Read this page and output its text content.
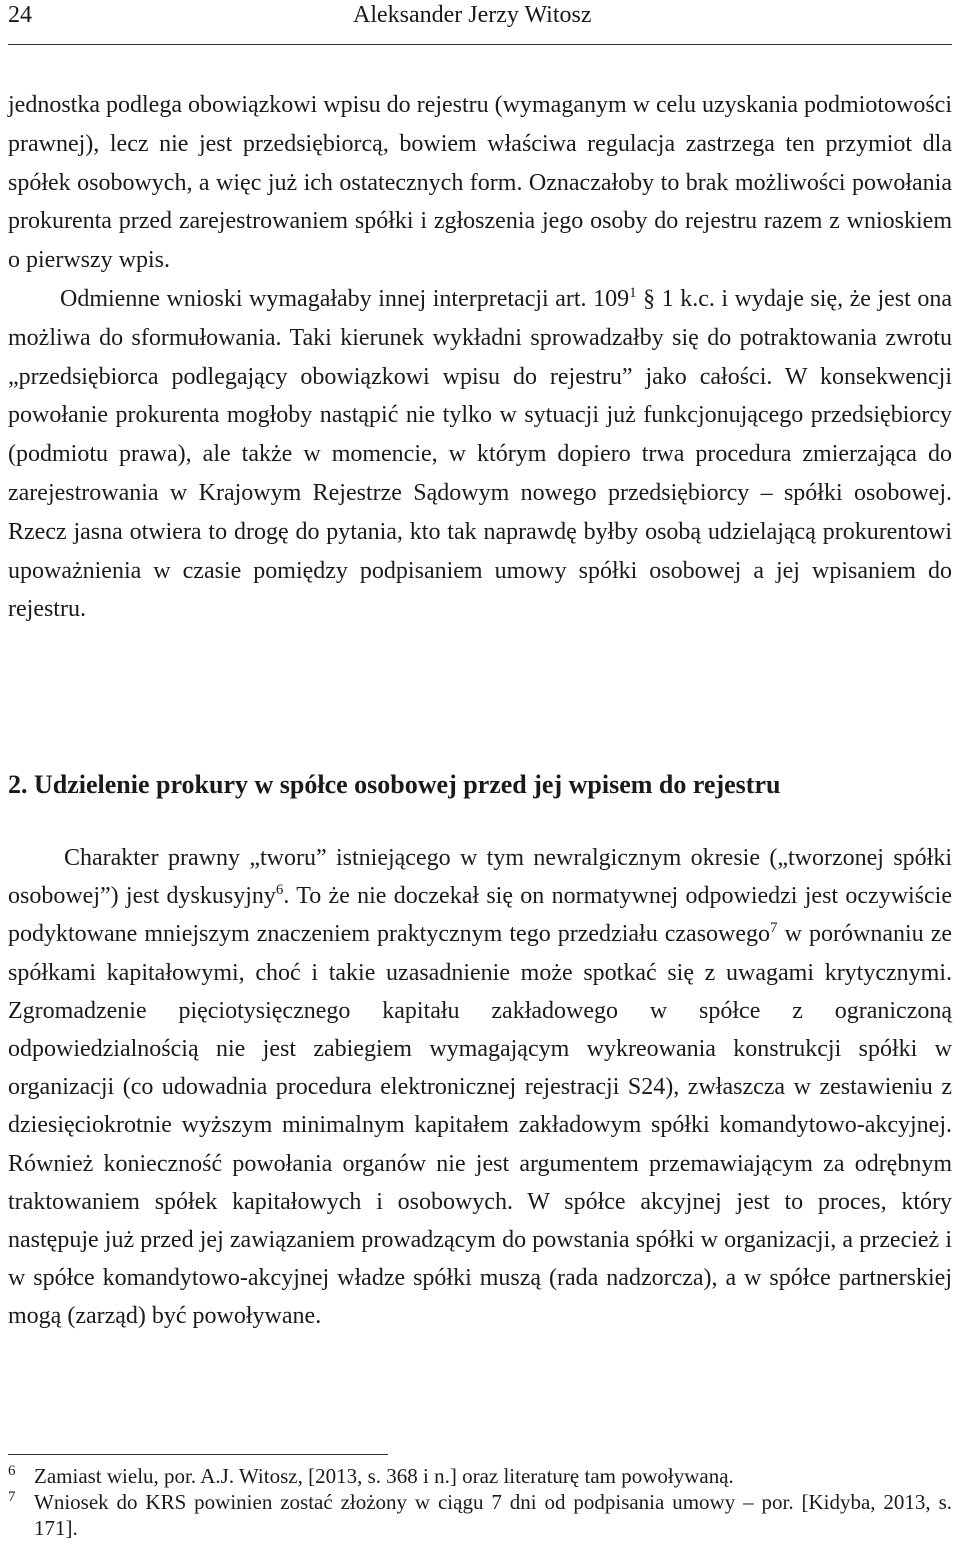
24	Aleksander Jerzy Witosz

jednostka podlega obowiązkowi wpisu do rejestru (wymaganym w celu uzyskania podmiotowości prawnej), lecz nie jest przedsiębiorcą, bowiem właściwa regulacja zastrzega ten przymiot dla spółek osobowych, a więc już ich ostatecznych form. Oznaczałoby to brak możliwości powołania prokurenta przed zarejestrowaniem spółki i zgłoszenia jego osoby do rejestru razem z wnioskiem o pierwszy wpis.

Odmienne wnioski wymagałaby innej interpretacji art. $109^1$ § 1 k.c. i wydaje się, że jest ona możliwa do sformułowania. Taki kierunek wykładni sprowadzałby się do potraktowania zwrotu „przedsiębiorca podlegający obowiązkowi wpisu do rejestru” jako całości. W konsekwencji powołanie prokurenta mogłoby nastąpić nie tylko w sytuacji już funkcjonującego przedsiębiorcy (podmiotu prawa), ale także w momencie, w którym dopiero trwa procedura zmierzająca do zarejestrowania w Krajowym Rejestrze Sądowym nowego przedsiębiorcy – spółki osobowej. Rzecz jasna otwiera to drogę do pytania, kto tak naprawdę byłby osobą udzielającą prokurentowi upoważnienia w czasie pomiędzy podpisaniem umowy spółki osobowej a jej wpisaniem do rejestru.

2. Udzielenie prokury w spółce osobowej przed jej wpisem do rejestru

Charakter prawny „tworu” istniejącego w tym newralgicznym okresie („tworzonej spółki osobowej”) jest dyskusyjny$^6$. To że nie doczekał się on normatywnej odpowiedzi jest oczywiście podyktowane mniejszym znaczeniem praktycznym tego przedziału czasowego$^7$ w porównaniu ze spółkami kapitałowymi, choć i takie uzasadnienie może spotkać się z uwagami krytycznymi. Zgromadzenie pięciotysięcznego kapitału zakładowego w spółce z ograniczoną odpowiedzialnością nie jest zabiegiem wymagającym wykreowania konstrukcji spółki w organizacji (co udowadnia procedura elektronicznej rejestracji S24), zwłaszcza w zestawieniu z dziesięciokrotnie wyższym minimalnym kapitałem zakładowym spółki komandytowo-akcyjnej. Również konieczność powołania organów nie jest argumentem przemawiającym za odrębnym traktowaniem spółek kapitałowych i osobowych. W spółce akcyjnej jest to proces, który następuje już przed jej zawiązaniem prowadzącym do powstania spółki w organizacji, a przecież i w spółce komandytowo-akcyjnej władze spółki muszą (rada nadzorcza), a w spółce partnerskiej mogą (zarząd) być powoływane.

6 Zamiast wielu, por. A.J. Witosz, [2013, s. 368 i n.] oraz literaturę tam powoływaną.
7 Wniosek do KRS powinien zostać złożony w ciągu 7 dni od podpisania umowy – por. [Kidyba, 2013, s. 171].
